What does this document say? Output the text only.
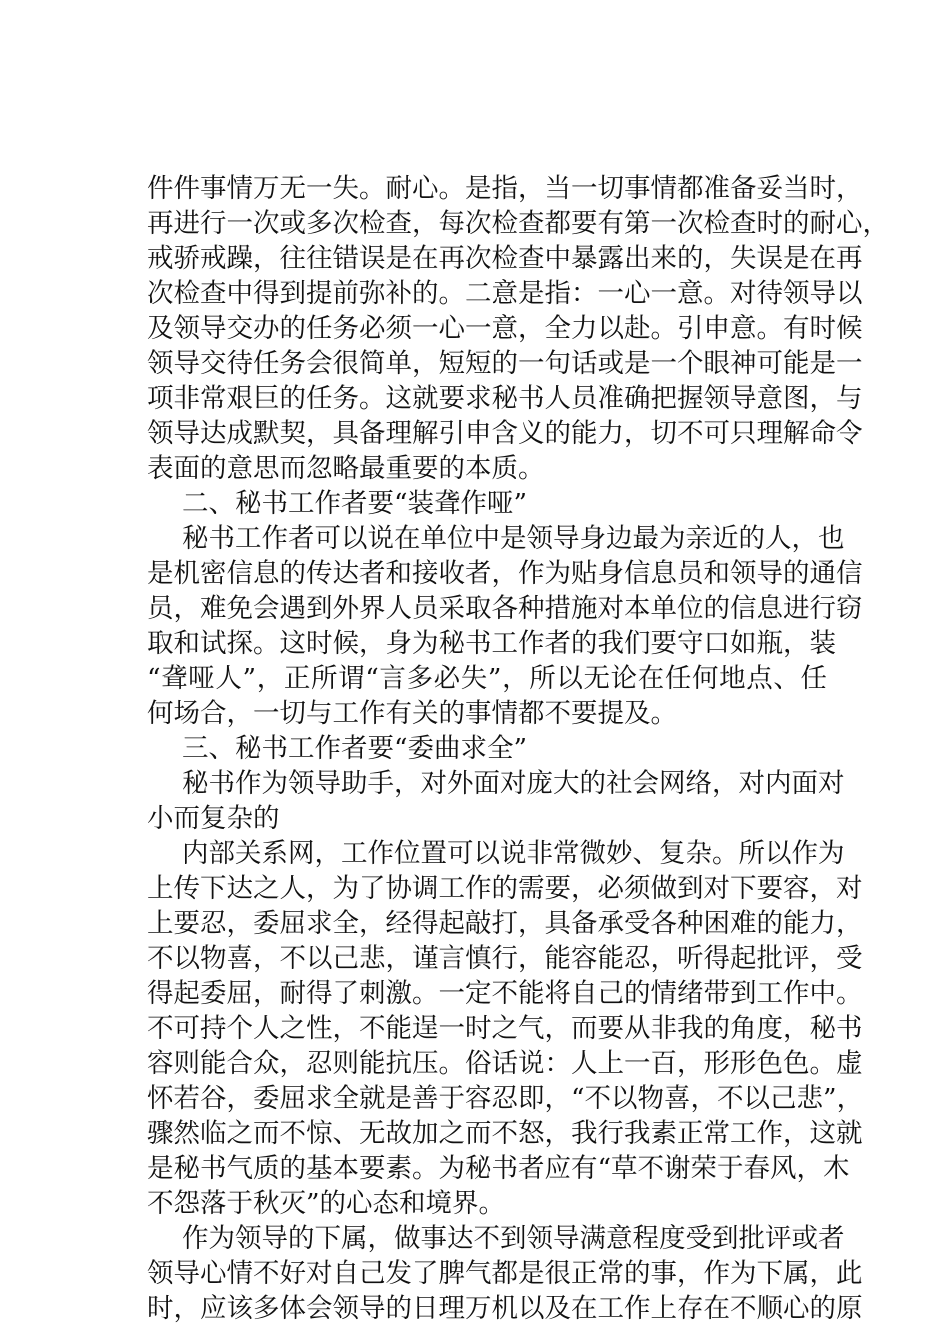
件件事情万无一失。耐心。是指，当一切事情都准备妥当时，
再进行一次或多次检查，每次检查都要有第一次检查时的耐心，
戒骄戒躁，往往错误是在再次检查中暴露出来的，失误是在再
次检查中得到提前弥补的。二意是指：一心一意。对待领导以
及领导交办的任务必须一心一意，全力以赴。引申意。有时候
领导交待任务会很简单，短短的一句话或是一个眼神可能是一
项非常艰巨的任务。这就要求秘书人员准确把握领导意图，与
领导达成默契，具备理解引申含义的能力，切不可只理解命令
表面的意思而忽略最重要的本质。
二、秘书工作者要“装聋作哑”
秘书工作者可以说在单位中是领导身边最为亲近的人，也
是机密信息的传达者和接收者，作为贴身信息员和领导的通信
员，难免会遇到外界人员采取各种措施对本单位的信息进行窃
取和试探。这时候，身为秘书工作者的我们要守口如瓶，装
“聋哑人”，正所谓“言多必失”，所以无论在任何地点、任
何场合，一切与工作有关的事情都不要提及。
三、秘书工作者要“委曲求全”
秘书作为领导助手，对外面对庞大的社会网络，对内面对
小而复杂的
内部关系网，工作位置可以说非常微妙、复杂。所以作为
上传下达之人，为了协调工作的需要，必须做到对下要容，对
上要忍，委屈求全，经得起敲打，具备承受各种困难的能力，
不以物喜，不以己悲，谨言慎行，能容能忍，听得起批评，受
得起委屈，耐得了刺激。一定不能将自己的情绪带到工作中。
不可持个人之性，不能逞一时之气，而要从非我的角度，秘书
容则能合众，忍则能抗压。俗话说：人上一百，形形色色。虚
怀若谷，委屈求全就是善于容忍即，“不以物喜，不以己悲”，
骤然临之而不惊、无故加之而不怒，我行我素正常工作，这就
是秘书气质的基本要素。为秘书者应有“草不谢荣于春风，木
不怨落于秋灭”的心态和境界。
作为领导的下属，做事达不到领导满意程度受到批评或者
领导心情不好对自己发了脾气都是很正常的事，作为下属，此
时，应该多体会领导的日理万机以及在工作上存在不顺心的原
